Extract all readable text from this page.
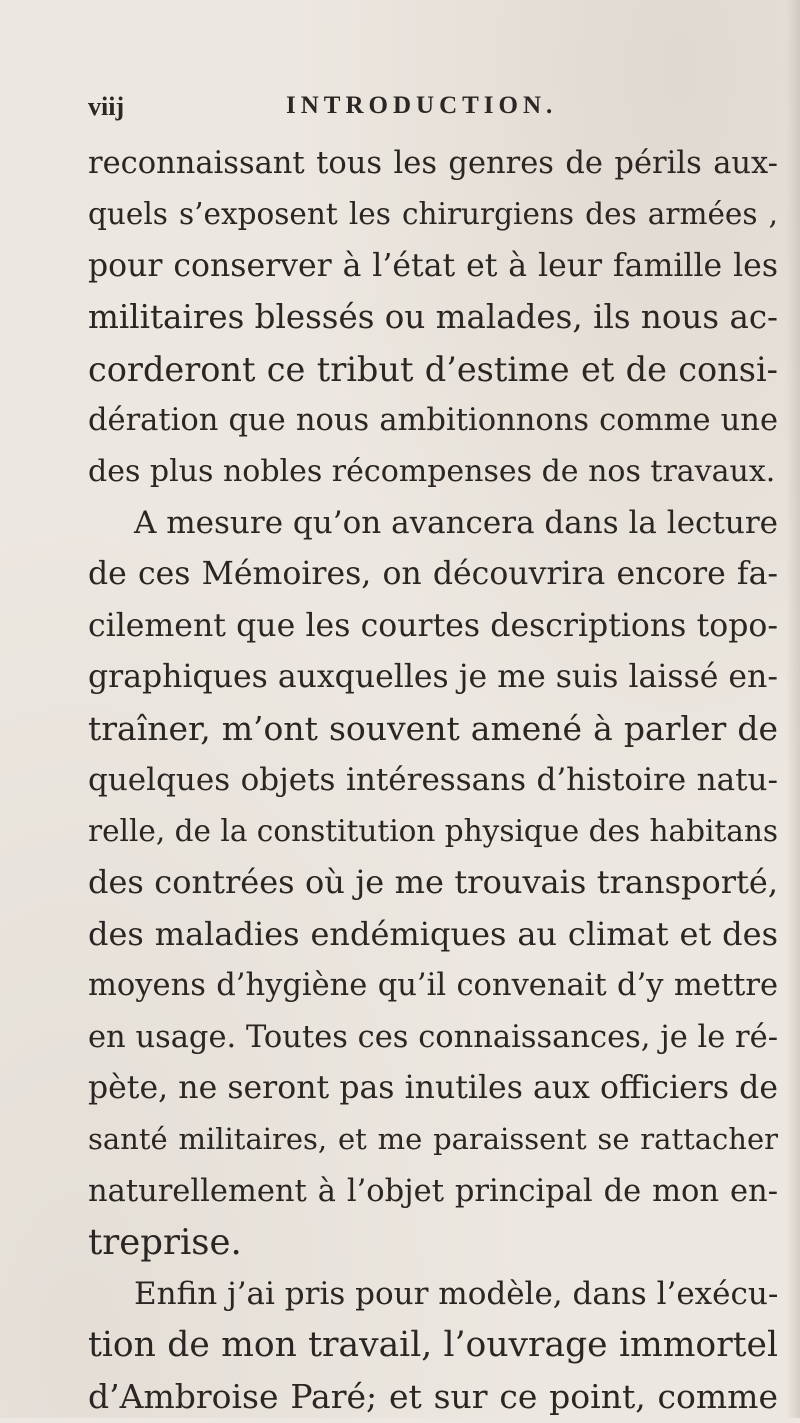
viij	INTRODUCTION.
reconnaissant tous les genres de périls aux-
quels s’exposent les chirurgiens des armées ,
pour conserver à l’état et à leur famille les
militaires blessés ou malades, ils nous ac-
corderont ce tribut d’estime et de consi-
dération que nous ambitionnons comme une
des plus nobles récompenses de nos travaux.
A mesure qu’on avancera dans la lecture
de ces Mémoires, on découvrira encore fa-
cilement que les courtes descriptions topo-
graphiques auxquelles je me suis laissé en-
traîner, m’ont souvent amené à parler de
quelques objets intéressans d’histoire natu-
relle, de la constitution physique des habitans
des contrées où je me trouvais transporté,
des maladies endémiques au climat et des
moyens d’hygiène qu’il convenait d’y mettre
en usage. Toutes ces connaissances, je le ré-
pète, ne seront pas inutiles aux officiers de
santé militaires, et me paraissent se rattacher
naturellement à l’objet principal de mon en-
treprise.
Enfin j’ai pris pour modèle, dans l’exécu-
tion de mon travail, l’ouvrage immortel
d’Ambroise Paré; et sur ce point, comme
